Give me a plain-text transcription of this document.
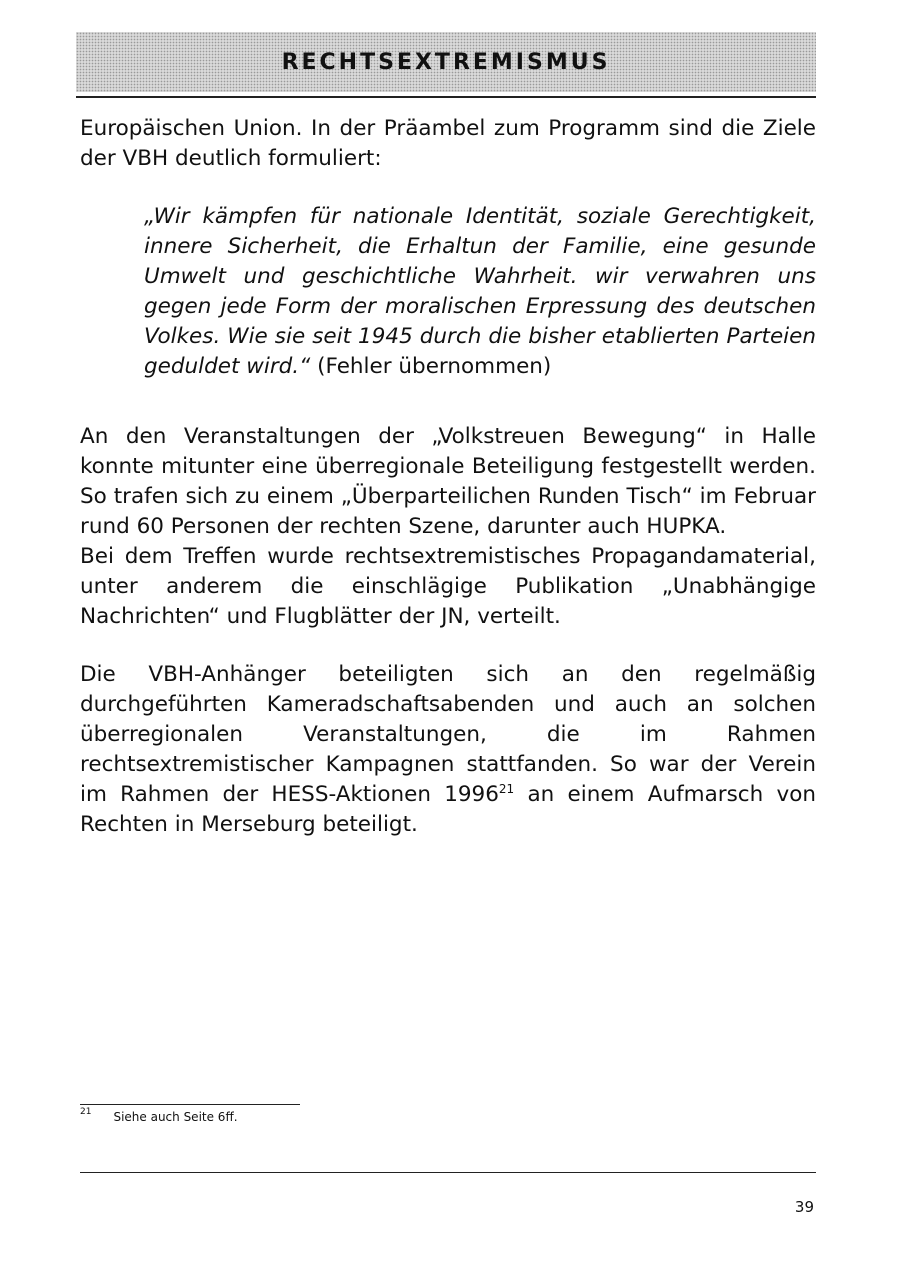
RECHTSEXTREMISMUS

Europäischen Union. In der Präambel zum Programm sind die Ziele der VBH deutlich formuliert:

„Wir kämpfen für nationale Identität, soziale Gerechtigkeit, innere Sicherheit, die Erhaltun der Familie, eine gesunde Umwelt und geschichtliche Wahrheit. wir verwahren uns gegen jede Form der moralischen Erpressung des deutschen Volkes. Wie sie seit 1945 durch die bisher etablierten Parteien geduldet wird.“ (Fehler übernommen)

An den Veranstaltungen der „Volkstreuen Bewegung“ in Halle konnte mitunter eine überregionale Beteiligung festgestellt werden. So trafen sich zu einem „Überparteilichen Runden Tisch“ im Februar rund 60 Personen der rechten Szene, darunter auch HUPKA.

Bei dem Treffen wurde rechtsextremistisches Propagandamaterial, unter anderem die einschlägige Publikation „Unabhängige Nachrichten“ und Flugblätter der JN, verteilt.

Die VBH-Anhänger beteiligten sich an den regelmäßig durchgeführten Kameradschaftsabenden und auch an solchen überregionalen Veranstaltungen, die im Rahmen rechtsextremistischer Kampagnen stattfanden. So war der Verein im Rahmen der HESS-Aktionen 1996$^{21}$ an einem Aufmarsch von Rechten in Merseburg beteiligt.

21 Siehe auch Seite 6ff.
39
